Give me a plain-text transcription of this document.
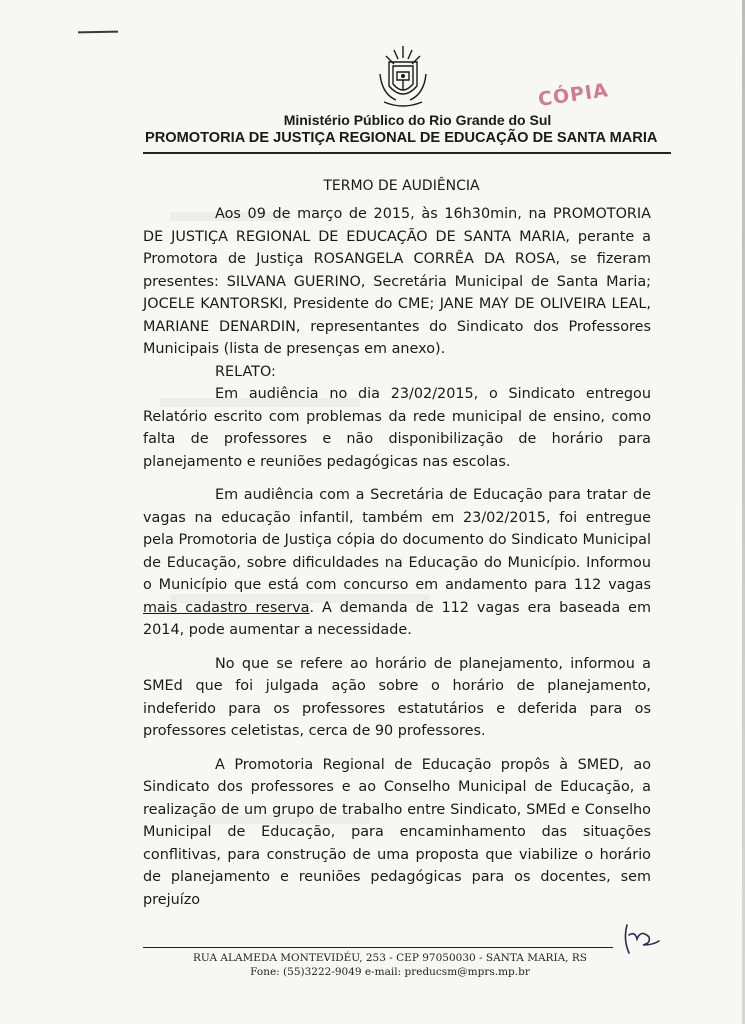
CÓPIA
Ministério Público do Rio Grande do Sul
PROMOTORIA DE JUSTIÇA REGIONAL DE EDUCAÇÃO DE SANTA MARIA
TERMO DE AUDIÊNCIA

Aos 09 de março de 2015, às 16h30min, na PROMOTORIA DE JUSTIÇA REGIONAL DE EDUCAÇÃO DE SANTA MARIA, perante a Promotora de Justiça ROSANGELA CORRÊA DA ROSA, se fizeram presentes: SILVANA GUERINO, Secretária Municipal de Santa Maria; JOCELE KANTORSKI, Presidente do CME; JANE MAY DE OLIVEIRA LEAL, MARIANE DENARDIN, representantes do Sindicato dos Professores Municipais (lista de presenças em anexo).

RELATO:

Em audiência no dia 23/02/2015, o Sindicato entregou Relatório escrito com problemas da rede municipal de ensino, como falta de professores e não disponibilização de horário para planejamento e reuniões pedagógicas nas escolas.

Em audiência com a Secretária de Educação para tratar de vagas na educação infantil, também em 23/02/2015, foi entregue pela Promotoria de Justiça cópia do documento do Sindicato Municipal de Educação, sobre dificuldades na Educação do Município. Informou o Município que está com concurso em andamento para 112 vagas mais cadastro reserva. A demanda de 112 vagas era baseada em 2014, pode aumentar a necessidade.

No que se refere ao horário de planejamento, informou a SMEd que foi julgada ação sobre o horário de planejamento, indeferido para os professores estatutários e deferida para os professores celetistas, cerca de 90 professores.

A Promotoria Regional de Educação propôs à SMED, ao Sindicato dos professores e ao Conselho Municipal de Educação, a realização de um grupo de trabalho entre Sindicato, SMEd e Conselho Municipal de Educação, para encaminhamento das situações conflitivas, para construção de uma proposta que viabilize o horário de planejamento e reuniões pedagógicas para os docentes, sem prejuízo

RUA ALAMEDA MONTEVIDÉU, 253 - CEP 97050030 - SANTA MARIA, RS
Fone: (55)3222-9049 e-mail: preducsm@mprs.mp.br
